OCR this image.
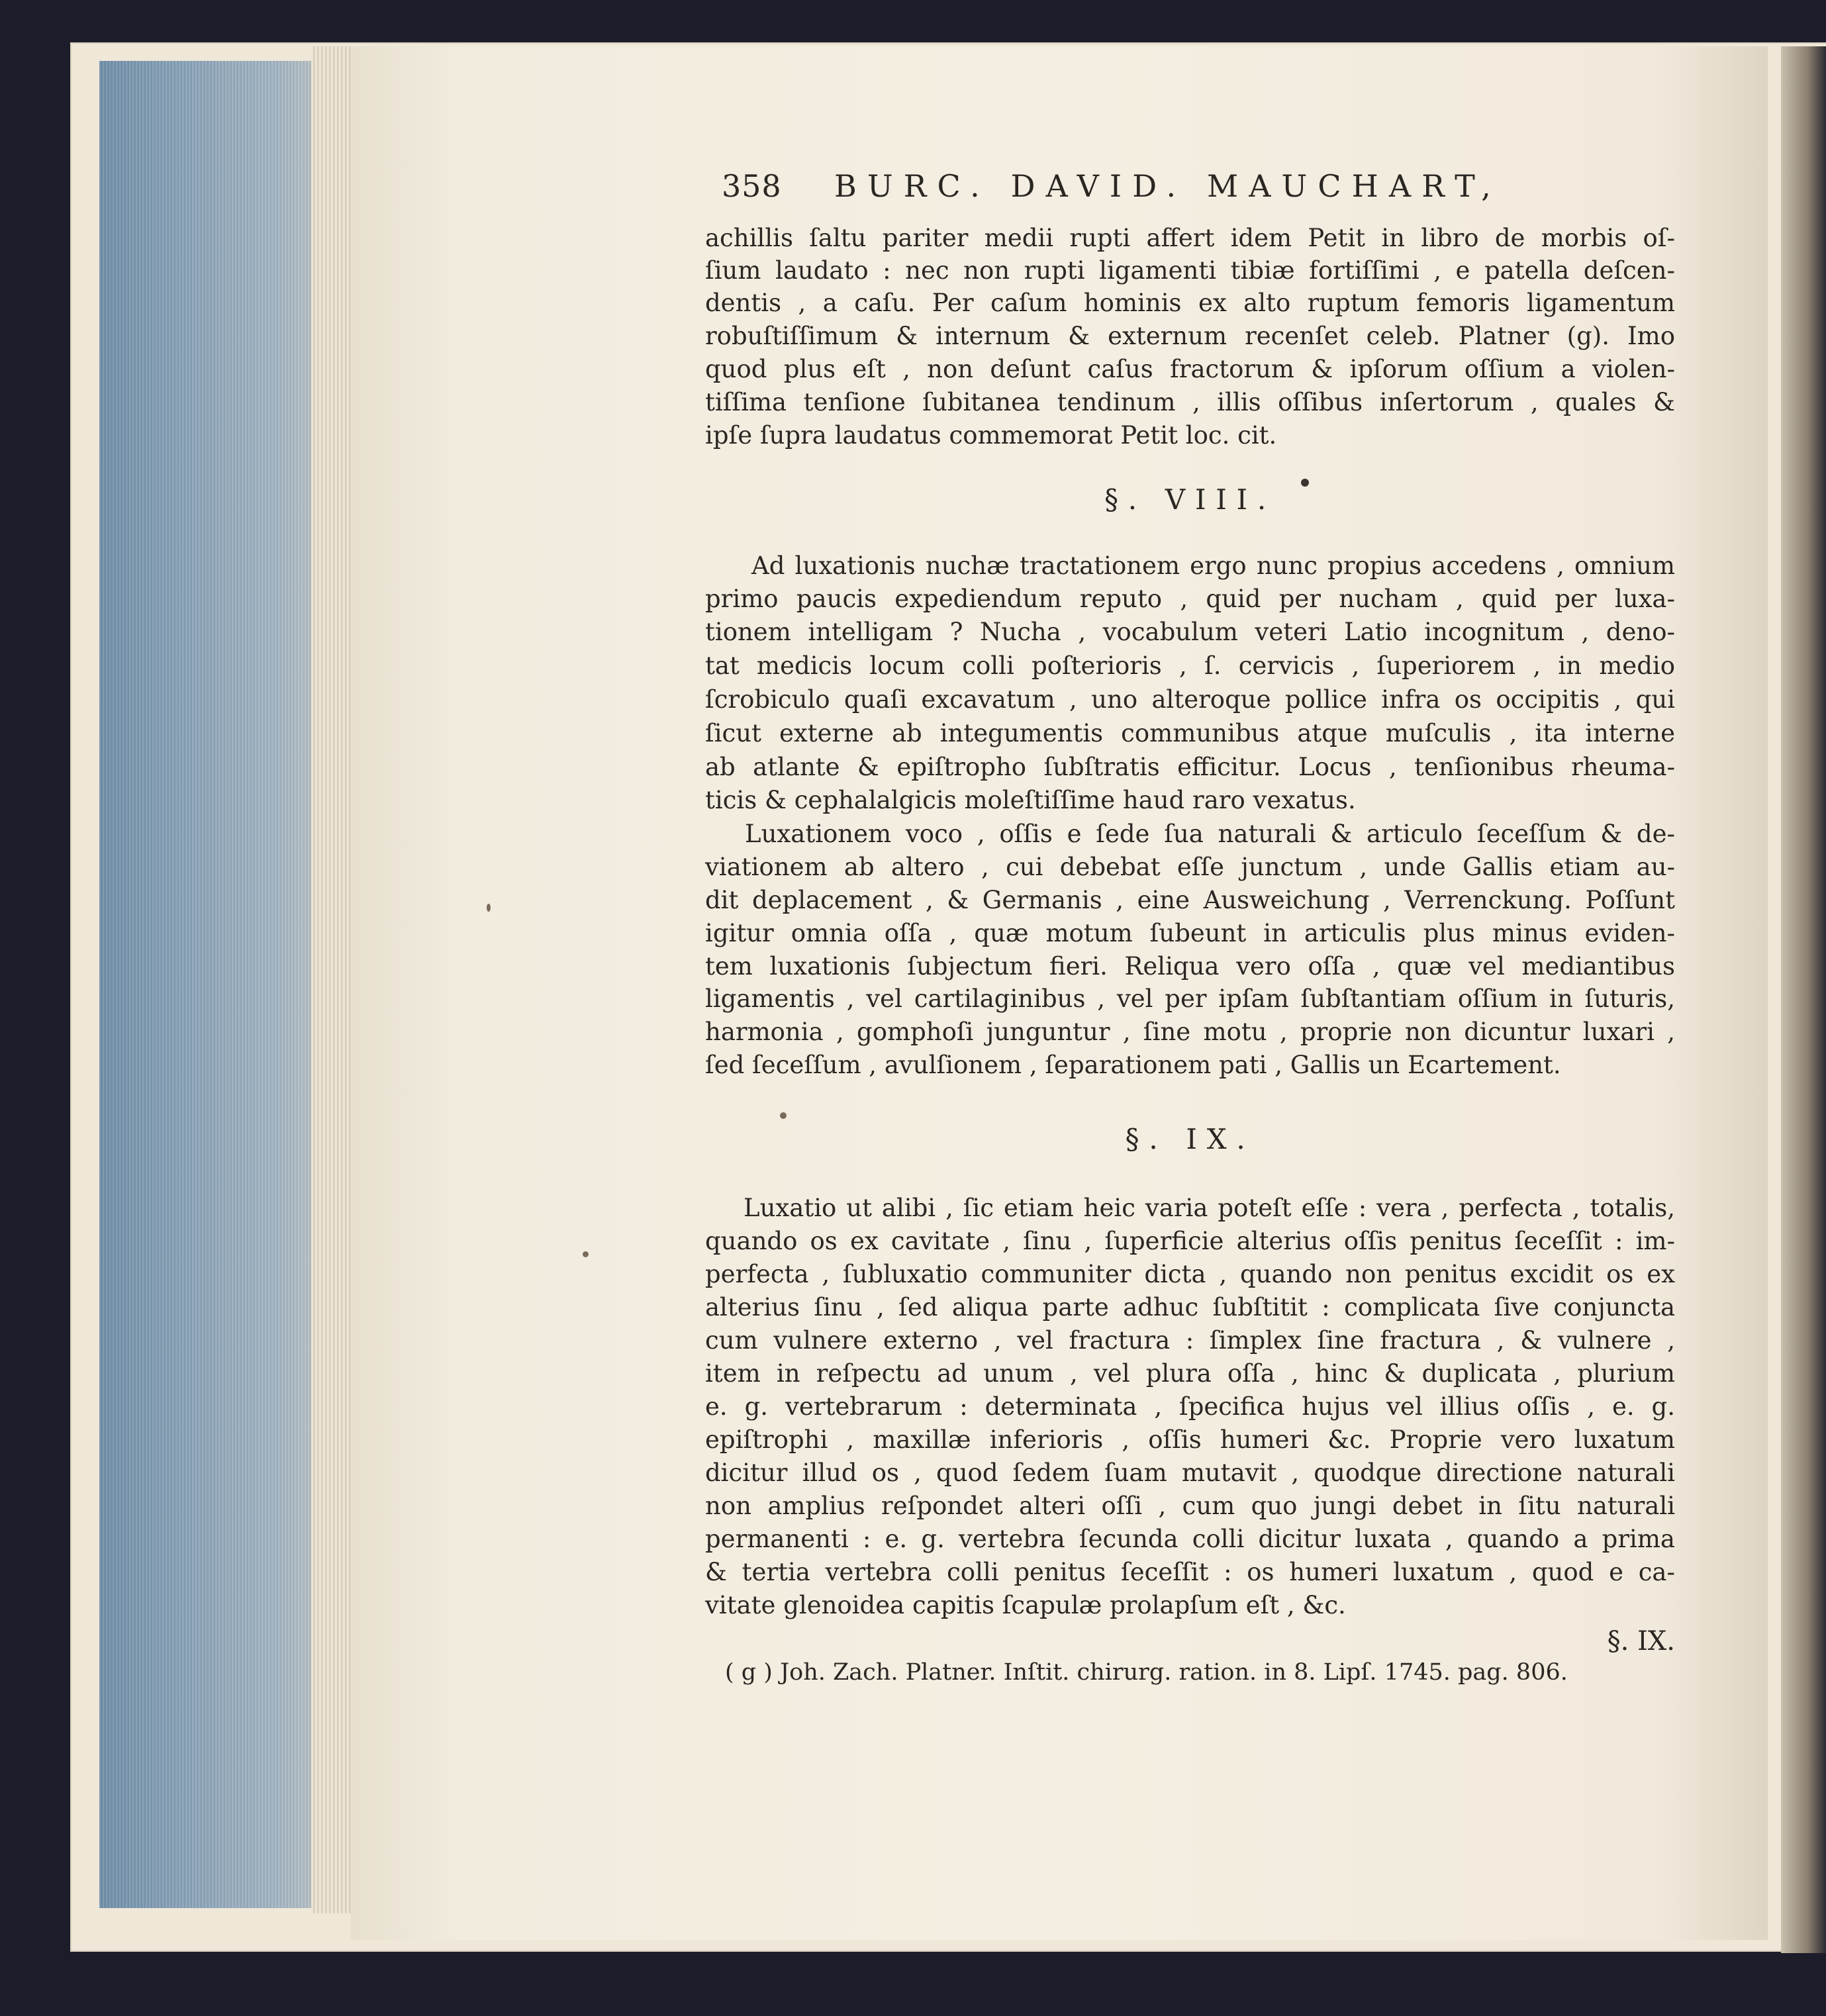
358 BURC. DAVID. MAUCHART,
achillis ſaltu pariter medii rupti affert idem Petit in libro de morbis oſ-
ſium laudato : nec non rupti ligamenti tibiæ fortiſſimi , e patella deſcen-
dentis , a caſu. Per caſum hominis ex alto ruptum femoris ligamentum
robuſtiſſimum & internum & externum recenſet celeb. Platner (g). Imo
quod plus eſt , non deſunt caſus fractorum & ipſorum oſſium a violen-
tiſſima tenſione ſubitanea tendinum , illis oſſibus inſertorum , quales &
ipſe ſupra laudatus commemorat Petit loc. cit.
§. VIII.
Ad luxationis nuchæ tractationem ergo nunc propius accedens , omnium
primo paucis expediendum reputo , quid per nucham , quid per luxa-
tionem intelligam ? Nucha , vocabulum veteri Latio incognitum , deno-
tat medicis locum colli poſterioris , ſ. cervicis , ſuperiorem , in medio
ſcrobiculo quaſi excavatum , uno alteroque pollice infra os occipitis , qui
ſicut externe ab integumentis communibus atque muſculis , ita interne
ab atlante & epiſtropho ſubſtratis efficitur. Locus , tenſionibus rheuma-
ticis & cephalalgicis moleſtiſſime haud raro vexatus.
Luxationem voco , oſſis e ſede ſua naturali & articulo ſeceſſum & de-
viationem ab altero , cui debebat eſſe junctum , unde Gallis etiam au-
dit deplacement , & Germanis , eine Ausweichung , Verrenckung. Poſſunt
igitur omnia oſſa , quæ motum ſubeunt in articulis plus minus eviden-
tem luxationis ſubjectum fieri. Reliqua vero oſſa , quæ vel mediantibus
ligamentis , vel cartilaginibus , vel per ipſam ſubſtantiam oſſium in ſuturis,
harmonia , gomphoſi junguntur , ſine motu , proprie non dicuntur luxari ,
ſed ſeceſſum , avulſionem , ſeparationem pati , Gallis un Ecartement.
§. IX.
Luxatio ut alibi , ſic etiam heic varia poteſt eſſe : vera , perfecta , totalis,
quando os ex cavitate , ſinu , ſuperficie alterius oſſis penitus ſeceſſit : im-
perfecta , ſubluxatio communiter dicta , quando non penitus excidit os ex
alterius ſinu , ſed aliqua parte adhuc ſubſtitit : complicata ſive conjuncta
cum vulnere externo , vel fractura : ſimplex ſine fractura , & vulnere ,
item in reſpectu ad unum , vel plura oſſa , hinc & duplicata , plurium
e. g. vertebrarum : determinata , ſpecifica hujus vel illius oſſis , e. g.
epiſtrophi , maxillæ inferioris , oſſis humeri &c. Proprie vero luxatum
dicitur illud os , quod ſedem ſuam mutavit , quodque directione naturali
non amplius reſpondet alteri oſſi , cum quo jungi debet in ſitu naturali
permanenti : e. g. vertebra ſecunda colli dicitur luxata , quando a prima
& tertia vertebra colli penitus ſeceſſit : os humeri luxatum , quod e ca-
vitate glenoidea capitis ſcapulæ prolapſum eſt , &c.
§. IX.
( g ) Joh. Zach. Platner. Inſtit. chirurg. ration. in 8. Lipſ. 1745. pag. 806.
